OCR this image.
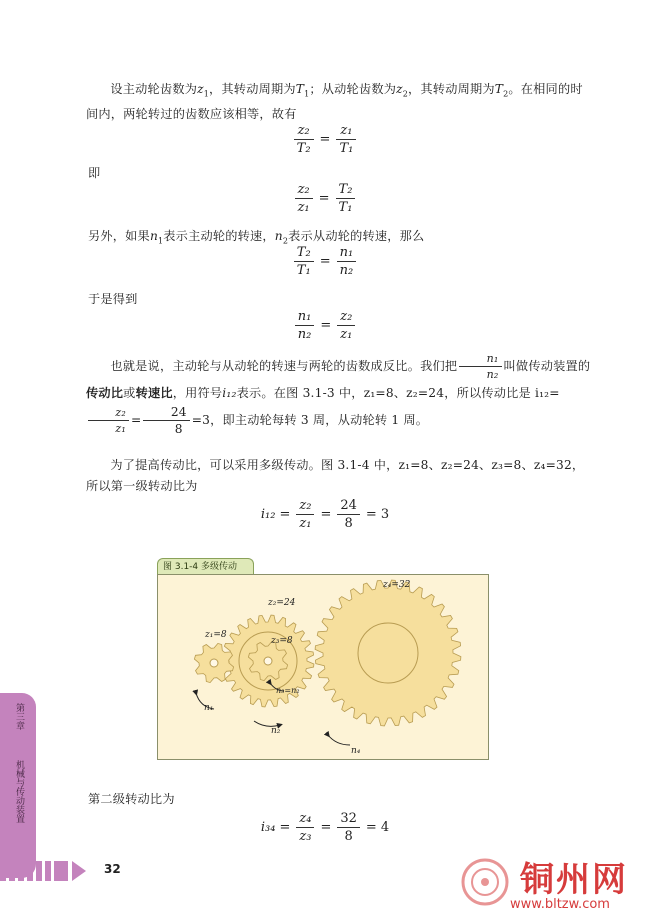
设主动轮齿数为$z_1$，其转动周期为$T_1$；从动轮齿数为$z_2$，其转动周期为$T_2$。在相同的时间内，两轮转过的齿数应该相等，故有
$\frac{\text{z₂}}{\text{T₂}} = \frac{\text{z₁}}{\text{T₁}}$
即
$\frac{\text{z₂}}{\text{z₁}} = \frac{\text{T₂}}{\text{T₁}}$
另外，如果$n_1$表示主动轮的转速，$n_2$表示从动轮的转速，那么
$\frac{\text{T₂}}{\text{T₁}} = \frac{\text{n₁}}{\text{n₂}}$
于是得到
$\frac{\text{n₁}}{\text{n₂}} = \frac{\text{z₂}}{\text{z₁}}$
也就是说，主动轮与从动轮的转速与两轮的齿数成反比。我们把 $\frac{\text{n₁}}{\text{n₂}}$ 叫做传动装置的传动比或转速比，用符号i₁₂表示。在图 3.1-3 中，z₁=8、z₂=24，所以传动比是 i₁₂=
$\frac{\text{z₂}}{\text{z₁}} = \frac{24}{8} =3$，即主动轮每转 3 周，从动轮转 1 周。
为了提高传动比，可以采用多级传动。图 3.1-4 中，z₁=8、z₂=24、z₃=8、z₄=32，所以第一级转动比为
$i_{12} = \frac{\text{z₂}}{\text{z₁}} = \frac{24}{8} = 3$
图 3.1-4 多级传动
z₁=8
z₂=24
z₃=8
z₄=32
n₃=n₂
n₁
n₂
n₄
第二级转动比为
$i_{34} = \frac{\text{z₄}}{\text{z₃}} = \frac{32}{8} = 4$
第三章  机械与传动装置
32	铜州网
www.bltzw.com
